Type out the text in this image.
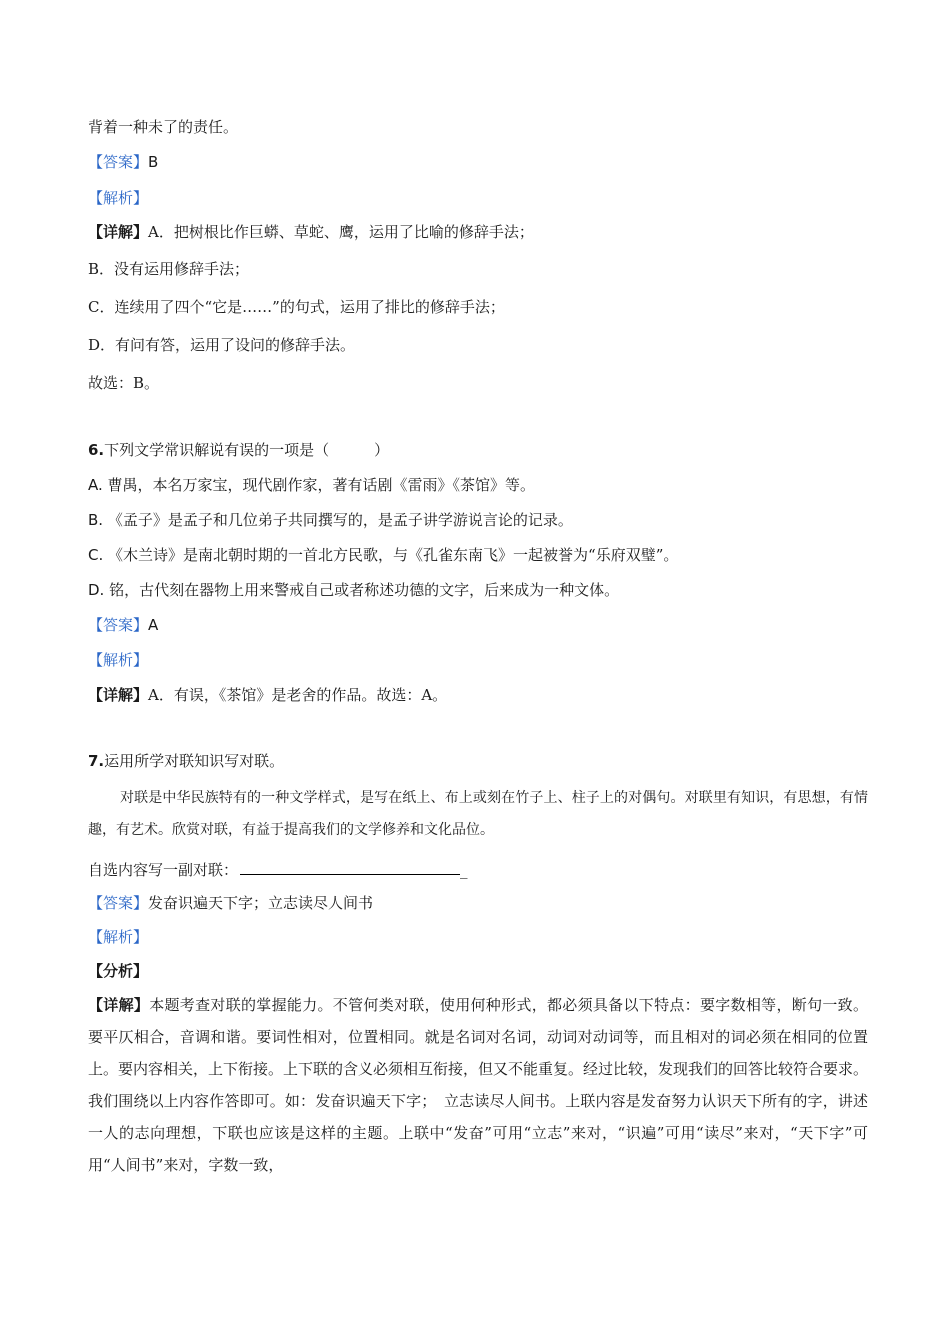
背着一种未了的责任。
【答案】B
【解析】
【详解】A．把树根比作巨蟒、草蛇、鹰，运用了比喻的修辞手法；
B．没有运用修辞手法；
C．连续用了四个“它是……”的句式，运用了排比的修辞手法；
D．有问有答，运用了设问的修辞手法。
故选：B。
6.下列文学常识解说有误的一项是（　　　）
A. 曹禺，本名万家宝，现代剧作家，著有话剧《雷雨》《茶馆》等。
B. 《孟子》是孟子和几位弟子共同撰写的，是孟子讲学游说言论的记录。
C. 《木兰诗》是南北朝时期的一首北方民歌，与《孔雀东南飞》一起被誉为“乐府双璧”。
D. 铭，古代刻在器物上用来警戒自己或者称述功德的文字，后来成为一种文体。
【答案】A
【解析】
【详解】A．有误，《茶馆》是老舍的作品。故选：A。
7.运用所学对联知识写对联。
对联是中华民族特有的一种文学样式，是写在纸上、布上或刻在竹子上、柱子上的对偶句。对联里有知识，有思想，有情趣，有艺术。欣赏对联，有益于提高我们的文学修养和文化品位。
自选内容写一副对联：	_
【答案】发奋识遍天下字；立志读尽人间书
【解析】
【分析】
【详解】本题考查对联的掌握能力。不管何类对联，使用何种形式，都必须具备以下特点：要字数相等，断句一致。要平仄相合，音调和谐。要词性相对，位置相同。就是名词对名词，动词对动词等，而且相对的词必须在相同的位置上。要内容相关，上下衔接。上下联的含义必须相互衔接，但又不能重复。经过比较，发现我们的回答比较符合要求。我们围绕以上内容作答即可。如：发奋识遍天下字；　立志读尽人间书。上联内容是发奋努力认识天下所有的字，讲述一人的志向理想，下联也应该是这样的主题。上联中“发奋”可用“立志”来对，“识遍”可用“读尽”来对，“天下字”可用“人间书”来对，字数一致，
